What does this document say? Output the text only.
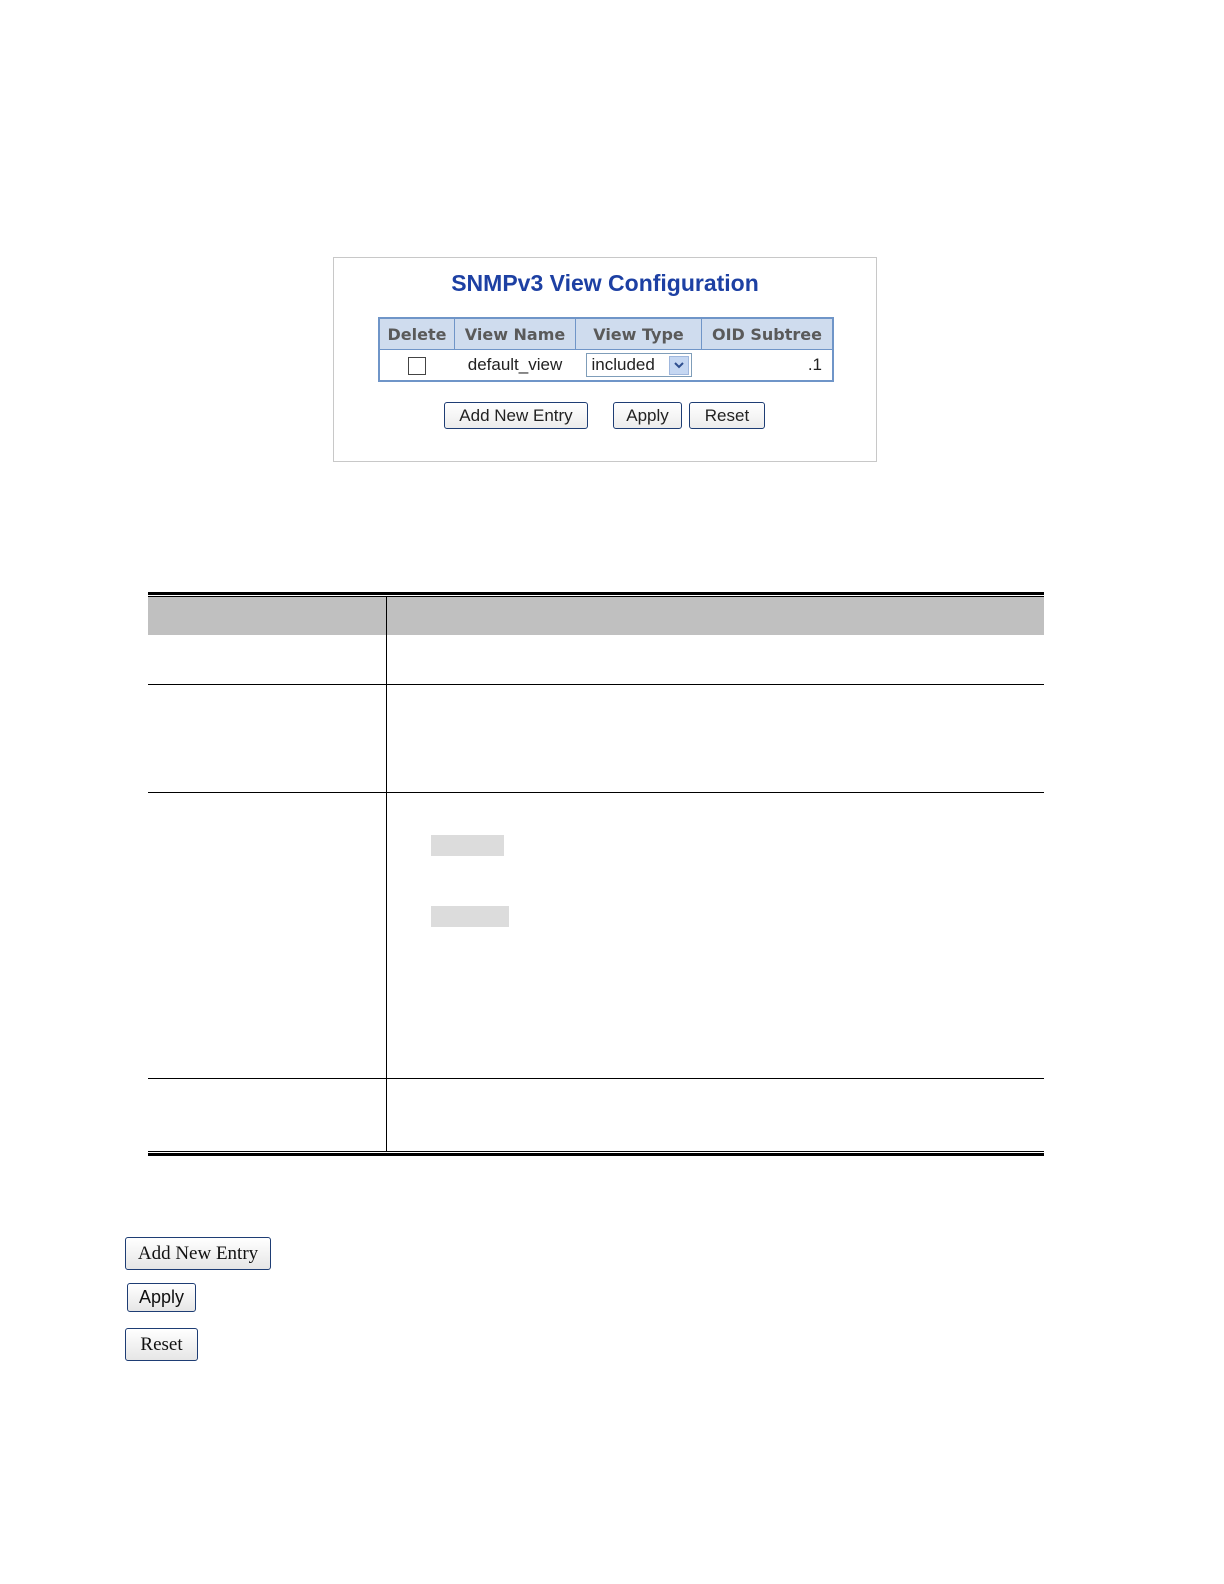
SNMPv3 View Configuration
Delete	View Name	View Type	OID Subtree
	default_view	included	.1
Add New Entry	Apply	Reset
Add New Entry
Apply
Reset
